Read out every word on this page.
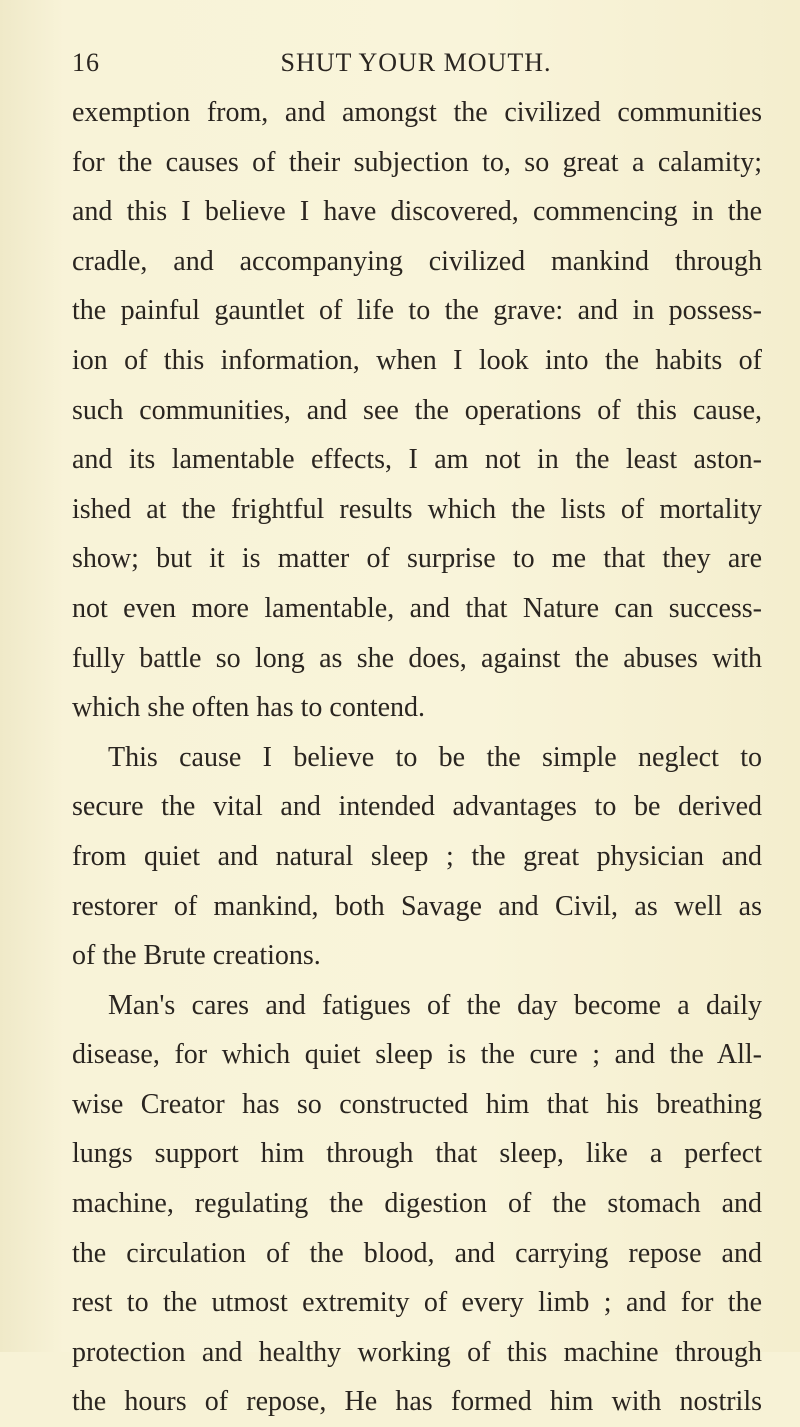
16	SHUT YOUR MOUTH.
exemption from, and amongst the civilized communities
for the causes of their subjection to, so great a calamity;
and this I believe I have discovered, commencing in the
cradle, and accompanying civilized mankind through
the painful gauntlet of life to the grave: and in possess-
ion of this information, when I look into the habits of
such communities, and see the operations of this cause,
and its lamentable effects, I am not in the least aston-
ished at the frightful results which the lists of mortality
show; but it is matter of surprise to me that they are
not even more lamentable, and that Nature can success-
fully battle so long as she does, against the abuses with
which she often has to contend.
This cause I believe to be the simple neglect to
secure the vital and intended advantages to be derived
from quiet and natural sleep ; the great physician and
restorer of mankind, both Savage and Civil, as well as
of the Brute creations.
Man's cares and fatigues of the day become a daily
disease, for which quiet sleep is the cure ; and the All-
wise Creator has so constructed him that his breathing
lungs support him through that sleep, like a perfect
machine, regulating the digestion of the stomach and
the circulation of the blood, and carrying repose and
rest to the utmost extremity of every limb ; and for the
protection and healthy working of this machine through
the hours of repose, He has formed him with nostrils
